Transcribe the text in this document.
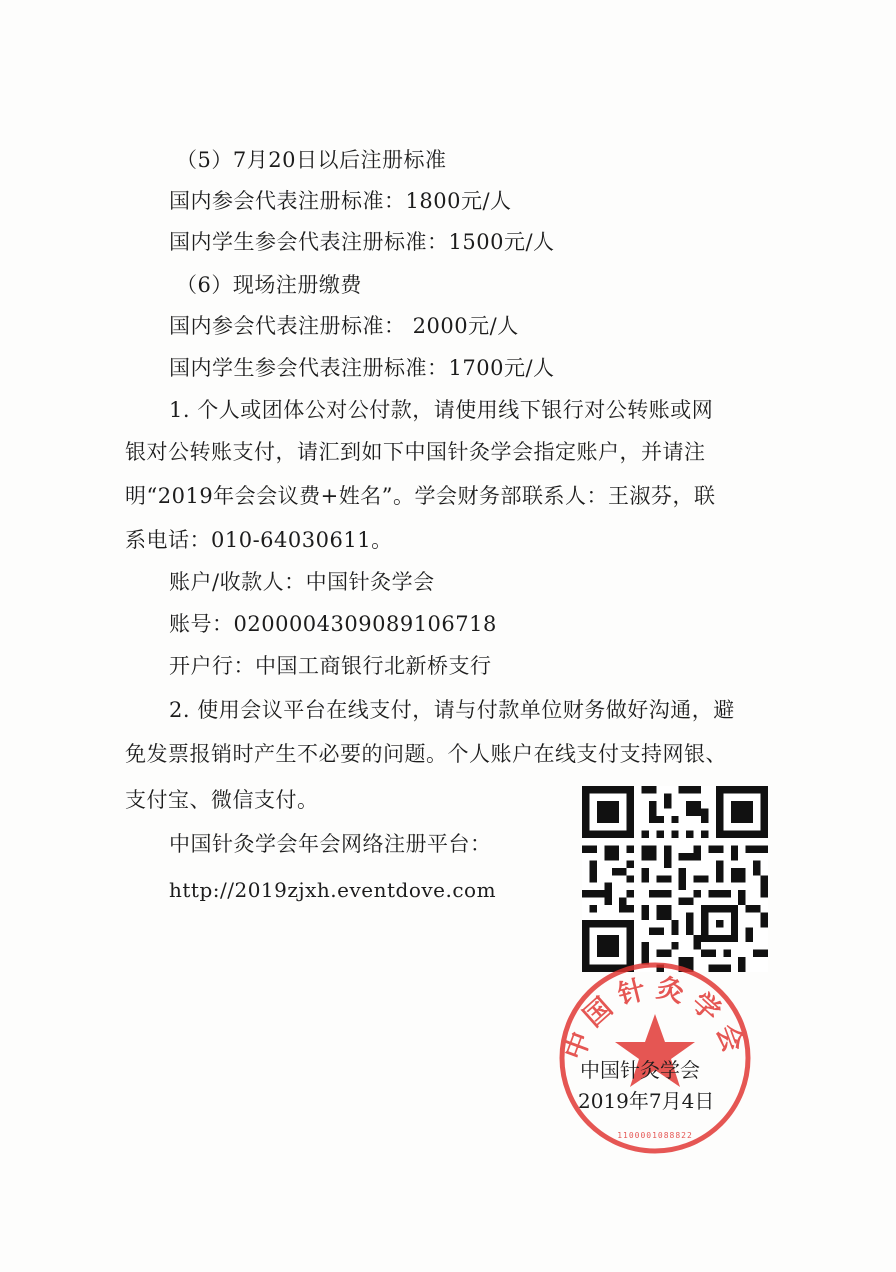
（5）7月20日以后注册标准
国内参会代表注册标准：1800元/人
国内学生参会代表注册标准：1500元/人
（6）现场注册缴费
国内参会代表注册标准： 2000元/人
国内学生参会代表注册标准：1700元/人
1. 个人或团体公对公付款，请使用线下银行对公转账或网
银对公转账支付，请汇到如下中国针灸学会指定账户，并请注
明“2019年会会议费+姓名”。学会财务部联系人：王淑芬，联
系电话：010-64030611。
账户/收款人：中国针灸学会
账号：0200004309089106718
开户行：中国工商银行北新桥支行
2. 使用会议平台在线支付，请与付款单位财务做好沟通，避
免发票报销时产生不必要的问题。个人账户在线支付支持网银、
支付宝、微信支付。
中国针灸学会年会网络注册平台：
http://2019zjxh.eventdove.com
中国针灸学会
1100001088822
中国针灸学会
2019年7月4日
